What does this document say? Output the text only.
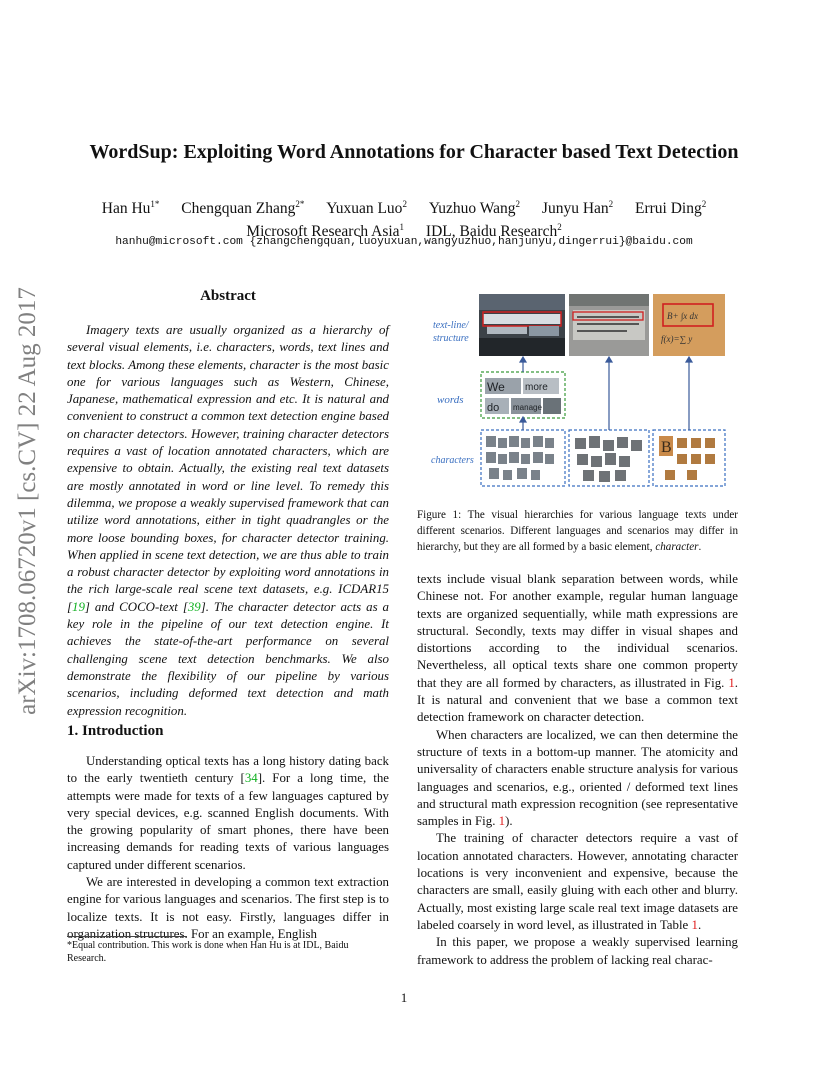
arXiv:1708.06720v1 [cs.CV] 22 Aug 2017
WordSup: Exploiting Word Annotations for Character based Text Detection
Han $Hu^{1*}$ Chengquan Zhang$^{2*}$ Yuxuan Luo$^2$ Yuzhuo Wang$^2$ Junyu Han$^2$ Errui Ding$^2$
Microsoft Research Asia$^1$ IDL, Baidu Research$^2$
hanhu@microsoft.com {zhangchengquan,luoyuxuan,wangyuzhuo,hanjunyu,dingerrui}@baidu.com
Abstract
Imagery texts are usually organized as a hierarchy of several visual elements, i.e. characters, words, text lines and text blocks. Among these elements, character is the most basic one for various languages such as Western, Chinese, Japanese, mathematical expression and etc. It is natural and convenient to construct a common text detection engine based on character detectors. However, training character detectors requires a vast of location annotated characters, which are expensive to obtain. Actually, the existing real text datasets are mostly annotated in word or line level. To remedy this dilemma, we propose a weakly supervised framework that can utilize word annotations, either in tight quadrangles or the more loose bounding boxes, for character detector training. When applied in scene text detection, we are thus able to train a robust character detector by exploiting word annotations in the rich large-scale real scene text datasets, e.g. ICDAR15 [19] and COCO-text [39]. The character detector acts as a key role in the pipeline of our text detection engine. It achieves the state-of-the-art performance on several challenging scene text detection benchmarks. We also demonstrate the flexibility of our pipeline by various scenarios, including deformed text detection and math expression recognition.
1. Introduction

Understanding optical texts has a long history dating back to the early twentieth century [34]. For a long time, the attempts were made for texts of a few languages captured by very special devices, e.g. scanned English documents. With the growing popularity of smart phones, there have been increasing demands for reading texts of various languages captured under different scenarios.

We are interested in developing a common text extraction engine for various languages and scenarios. The first step is to localize texts. It is not easy. Firstly, languages differ in organization structures. For an example, English

*Equal contribution. This work is done when Han Hu is at IDL, Baidu Research.
text-line/
structure
words
characters
B+ ∫x dx
f(x)=∑ y
We more
do manage
B
Figure 1: The visual hierarchies for various language texts under different scenarios. Different languages and scenarios may differ in hierarchy, but they are all formed by a basic element, character.

texts include visual blank separation between words, while Chinese not. For another example, regular human language texts are organized sequentially, while math expressions are structural. Secondly, texts may differ in visual shapes and distortions according to the individual scenarios. Nevertheless, all optical texts share one common property that they are all formed by characters, as illustrated in Fig. 1. It is natural and convenient that we base a common text detection framework on character detection.

When characters are localized, we can then determine the structure of texts in a bottom-up manner. The atomicity and universality of characters enable structure analysis for various languages and scenarios, e.g., oriented / deformed text lines and structural math expression recognition (see representative samples in Fig. 1).

The training of character detectors require a vast of location annotated characters. However, annotating character locations is very inconvenient and expensive, because the characters are small, easily gluing with each other and blurry. Actually, most existing large scale real text image datasets are labeled coarsely in word level, as illustrated in Table 1.

In this paper, we propose a weakly supervised learning framework to address the problem of lacking real charac-

1
